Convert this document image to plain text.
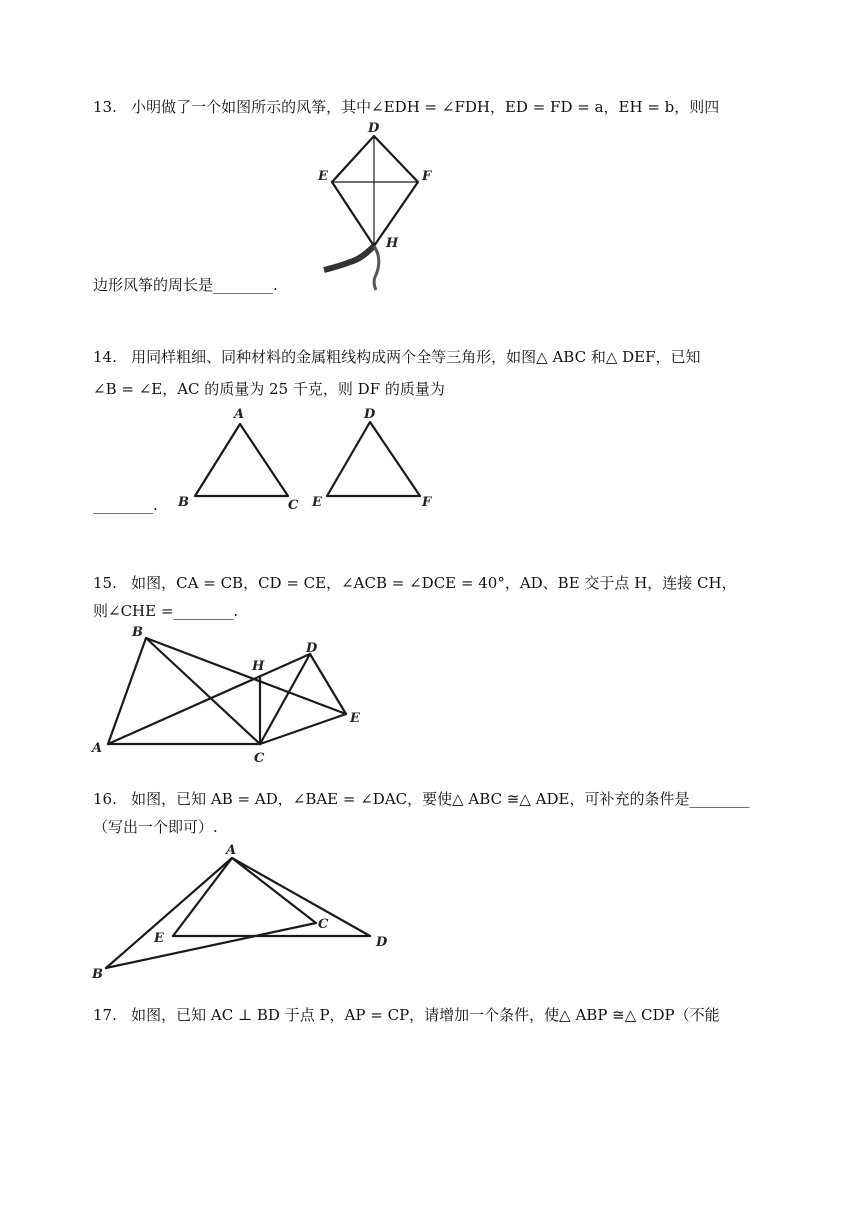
13.   小明做了一个如图所示的风筝，其中∠EDH = ∠FDH，ED = FD = a，EH = b，则四
D
E	F
H
边形风筝的周长是________.
14.   用同样粗细、同种材料的金属粗线构成两个全等三角形，如图△ ABC 和△ DEF，已知
∠B = ∠E，AC 的质量为 25 千克，则 DF 的质量为
A
B	C
D
E	F
________.
15.   如图，CA = CB，CD = CE，∠ACB = ∠DCE = 40°，AD、BE 交于点 H，连接 CH，
则∠CHE =________.
B
H
D
E
A
C
16.   如图，已知 AB = AD，∠BAE = ∠DAC，要使△ ABC ≅△ ADE，可补充的条件是________
（写出一个即可）.
A
E
C
D
B
17.   如图，已知 AC ⊥ BD 于点 P，AP = CP，请增加一个条件，使△ ABP ≅△ CDP（不能
